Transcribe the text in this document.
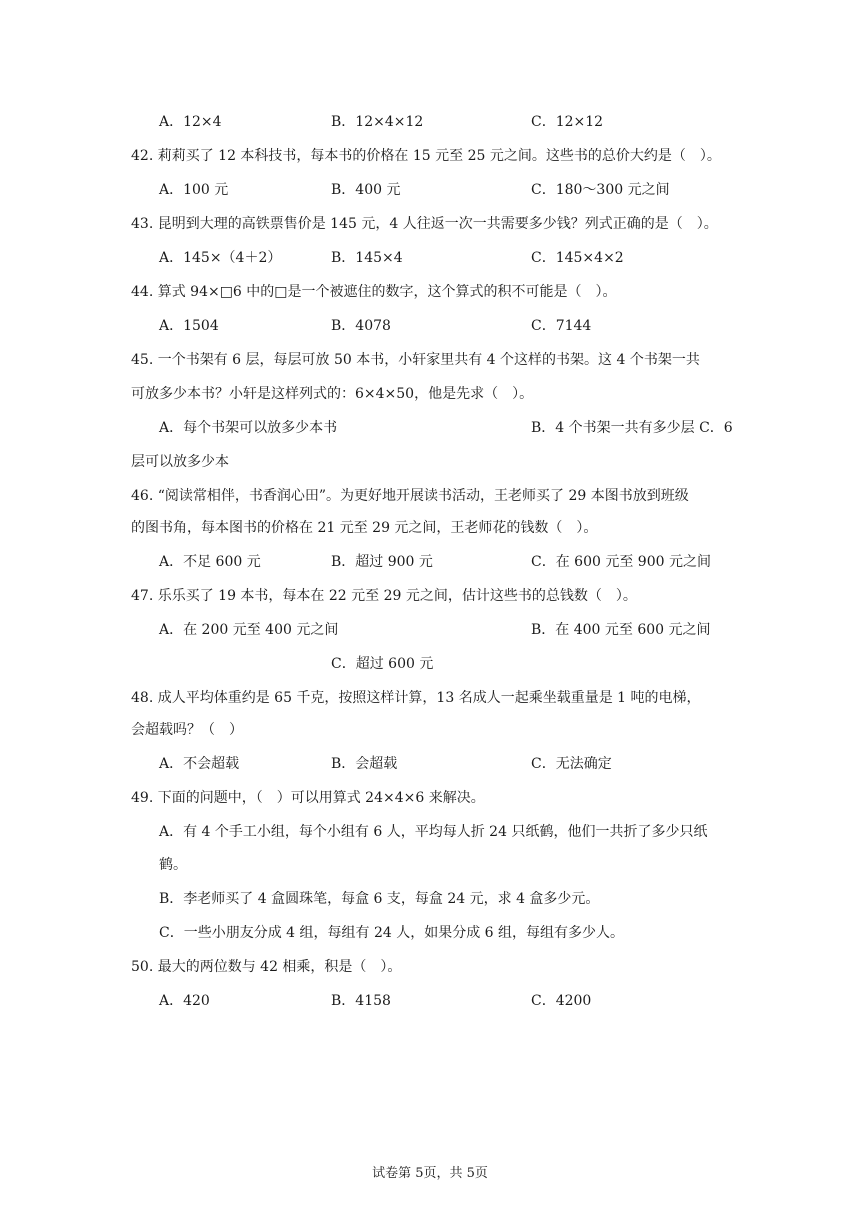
A．12×4	B．12×4×12	C．12×12
42. 莉莉买了 12 本科技书，每本书的价格在 15 元至 25 元之间。这些书的总价大约是（　）。
A．100 元	B．400 元	C．180～300 元之间
43. 昆明到大理的高铁票售价是 145 元，4 人往返一次一共需要多少钱？列式正确的是（　）。
A．145×（4＋2）	B．145×4	C．145×4×2
44. 算式 94×□6 中的□是一个被遮住的数字，这个算式的积不可能是（　）。
A．1504	B．4078	C．7144
45. 一个书架有 6 层，每层可放 50 本书，小轩家里共有 4 个这样的书架。这 4 个书架一共
可放多少本书？小轩是这样列式的：6×4×50，他是先求（　）。
A．每个书架可以放多少本书	B．4 个书架一共有多少层 C．6
层可以放多少本
46. “阅读常相伴，书香润心田”。为更好地开展读书活动，王老师买了 29 本图书放到班级
的图书角，每本图书的价格在 21 元至 29 元之间，王老师花的钱数（　）。
A．不足 600 元	B．超过 900 元	C．在 600 元至 900 元之间
47. 乐乐买了 19 本书，每本在 22 元至 29 元之间，估计这些书的总钱数（　）。
A．在 200 元至 400 元之间	B．在 400 元至 600 元之间
C．超过 600 元
48. 成人平均体重约是 65 千克，按照这样计算，13 名成人一起乘坐载重量是 1 吨的电梯，
会超载吗？（　）
A．不会超载	B．会超载	C．无法确定
49. 下面的问题中，（　）可以用算式 24×4×6 来解决。
A．有 4 个手工小组，每个小组有 6 人，平均每人折 24 只纸鹤，他们一共折了多少只纸
鹤。
B．李老师买了 4 盒圆珠笔，每盒 6 支，每盒 24 元，求 4 盒多少元。
C．一些小朋友分成 4 组，每组有 24 人，如果分成 6 组，每组有多少人。
50. 最大的两位数与 42 相乘，积是（　）。
A．420	B．4158	C．4200
试卷第 5页，共 5页
